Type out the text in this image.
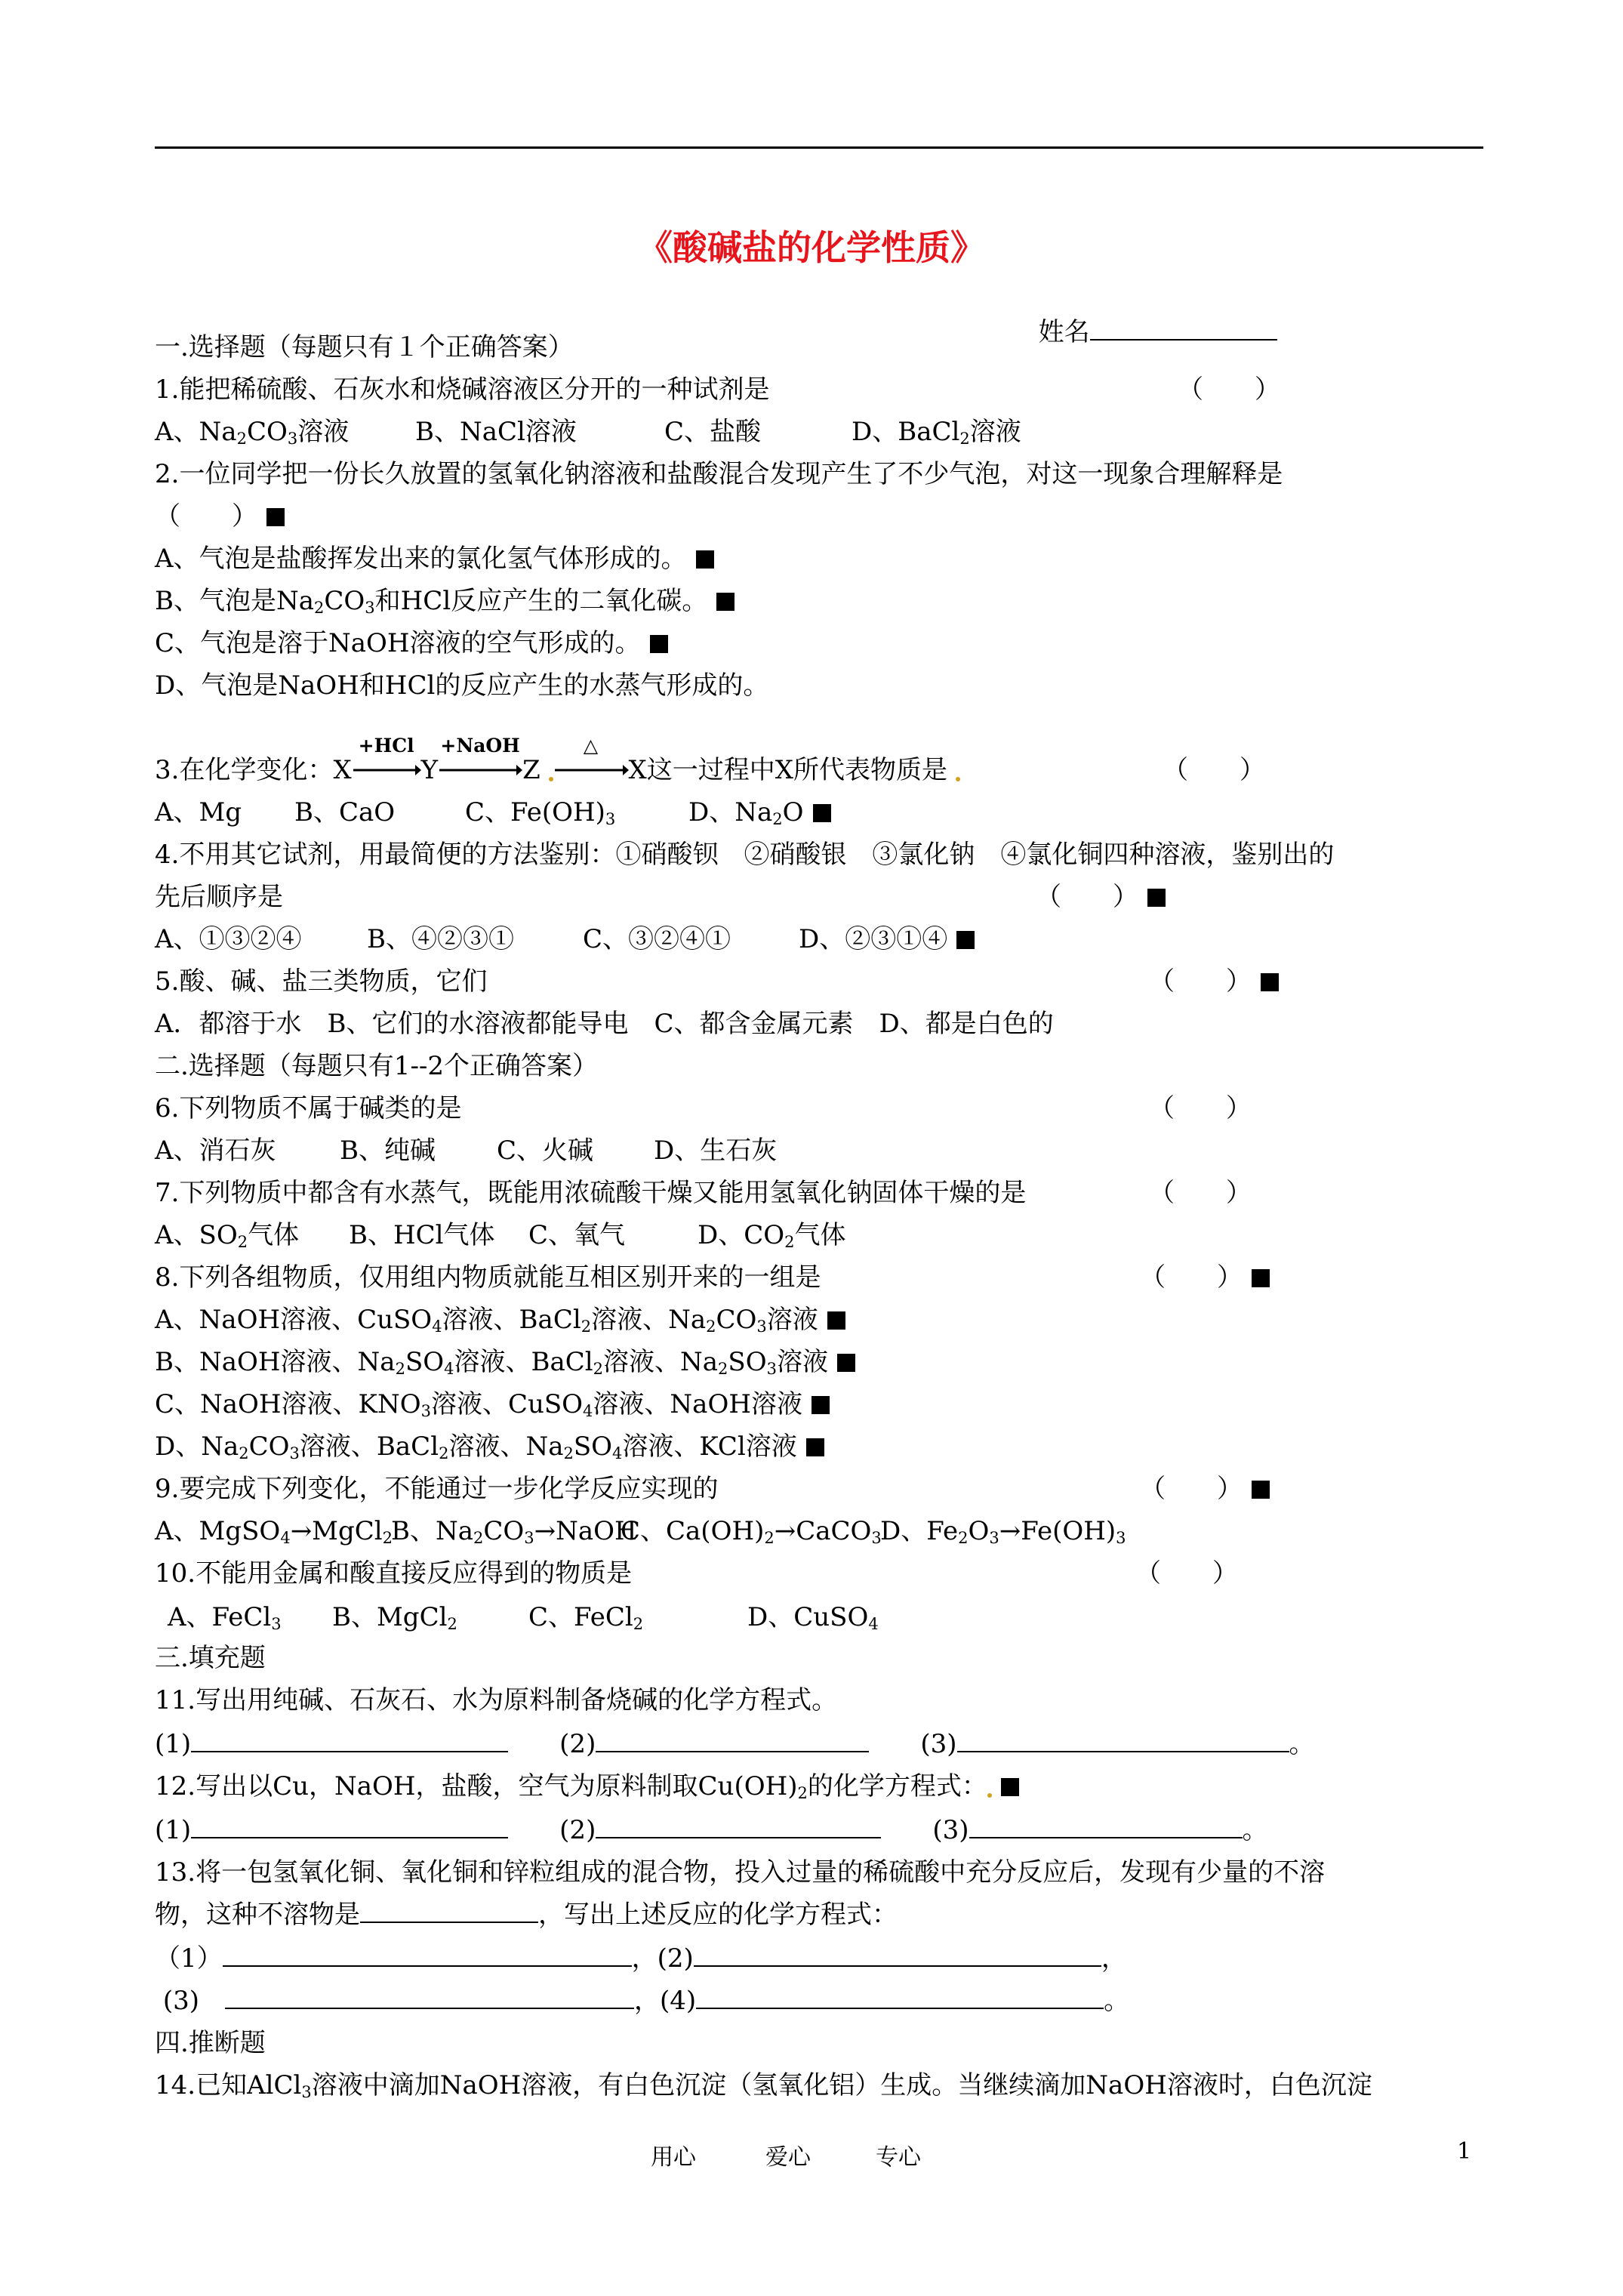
《酸碱盐的化学性质》

姓名

一.选择题（每题只有１个正确答案）
1.能把稀硫酸、石灰水和烧碱溶液区分开的一种试剂是	（　　）
A、$Na_2CO_3$溶液	B、NaCl溶液	C、盐酸	D、BaCl$_2$溶液
2.一位同学把一份长久放置的氢氧化钠溶液和盐酸混合发现产生了不少气泡，对这一现象合理解释是
（　　）
A、气泡是盐酸挥发出来的氯化氢气体形成的。
B、气泡是$Na_2CO_3$和HCl反应产生的二氧化碳。
C、气泡是溶于NaOH溶液的空气形成的。
D、气泡是NaOH和HCl的反应产生的水蒸气形成的。
3.在化学变化：X
+HCl
Y
+NaOH
Z
△
X这一过程中X所代表物质是	（　　）
A、Mg B、CaO	C、$Fe(OH)_3$	D、$Na_2O$
4.不用其它试剂，用最简便的方法鉴别：①硝酸钡　②硝酸银　③氯化钠　④氯化铜四种溶液，鉴别出的
先后顺序是	（　　）
A、①③②④	B、④②③①	C、③②④①	D、②③①④
5.酸、碱、盐三类物质，它们	（　　）
A．都溶于水　B、它们的水溶液都能导电　C、都含金属元素　D、都是白色的
二.选择题（每题只有1--2个正确答案）
6.下列物质不属于碱类的是	（　　）
A、消石灰 B、纯碱 C、火碱 D、生石灰
7.下列物质中都含有水蒸气，既能用浓硫酸干燥又能用氢氧化钠固体干燥的是	（　　）
A、$SO_2$气体 B、HCl气体 C、氧气	D、$CO_2$气体
8.下列各组物质，仅用组内物质就能互相区别开来的一组是	（　　）
A、NaOH溶液、CuSO$_4$溶液、BaCl$_2$溶液、$Na_2CO_3$溶液
B、NaOH溶液、$Na_2SO_4$溶液、BaCl$_2$溶液、$Na_2SO_3$溶液
C、NaOH溶液、$KNO_3$溶液、CuSO$_4$溶液、NaOH溶液
D、$Na_2CO_3$溶液、BaCl$_2$溶液、$Na_2SO_4$溶液、KCl溶液
9.要完成下列变化，不能通过一步化学反应实现的	（　　）
A、MgSO$_4$→MgCl$_2$
B、$Na_2CO_3\to NaOH$
C、$Ca(OH)_2\to CaCO_3$
D、$Fe_2O_3\to Fe(OH)_3$
10.不能用金属和酸直接反应得到的物质是	（　　）
A、FeCl$_3$ B、MgCl$_2$	C、FeCl$_2$	D、CuSO$_4$
三.填充题
11.写出用纯碱、石灰石、水为原料制备烧碱的化学方程式。
(1)　　	(2)　　	(3)	。
12.写出以Cu，NaOH，盐酸，空气为原料制取$Cu(OH)_2$的化学方程式：
(1)　　	(2)　　	(3)	。
13.将一包氢氧化铜、氧化铜和锌粒组成的混合物，投入过量的稀硫酸中充分反应后，发现有少量的不溶
物，这种不溶物是	，写出上述反应的化学方程式：
（1）	，(2)	，
(3)　	，(4)	。
四.推断题
14.已知AlCl$_3$溶液中滴加NaOH溶液，有白色沉淀（氢氧化铝）生成。当继续滴加NaOH溶液时，白色沉淀
用心	爱心	专心	1
